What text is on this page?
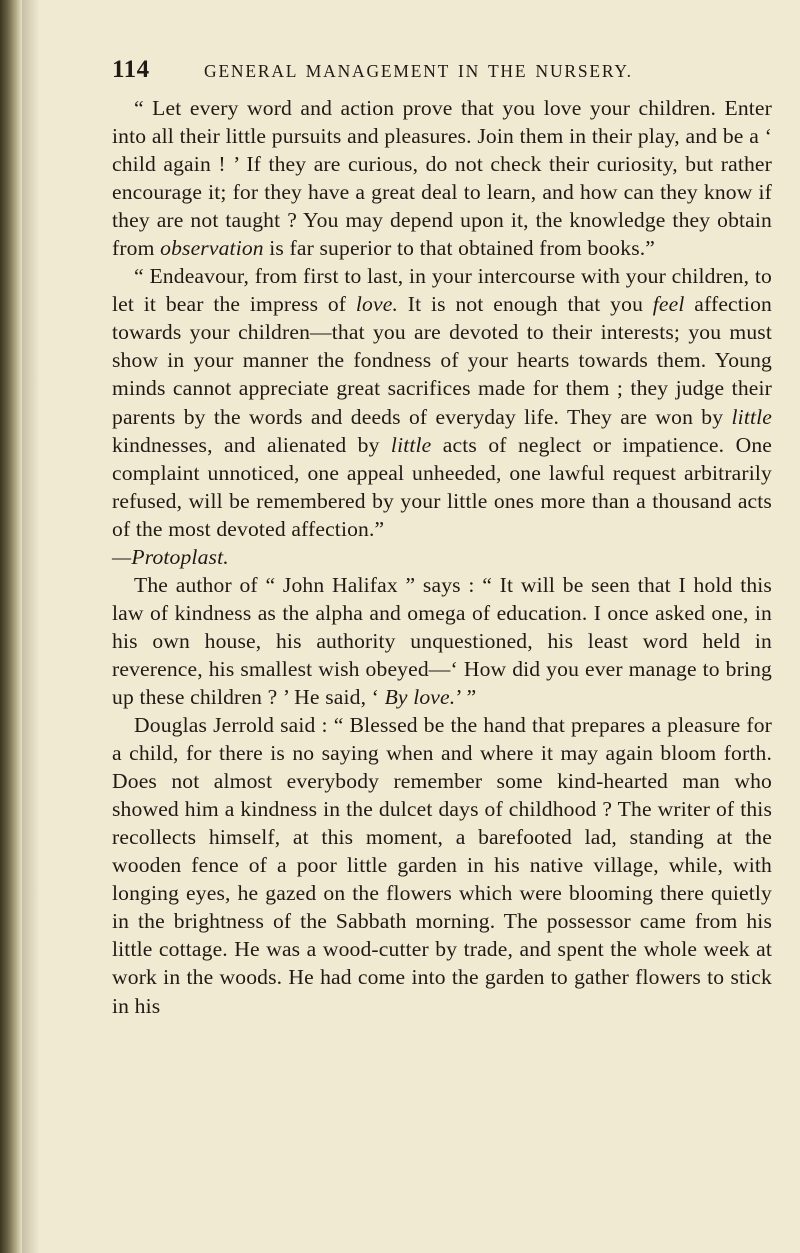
114	GENERAL MANAGEMENT IN THE NURSERY.

“ Let every word and action prove that you love your children. Enter into all their little pursuits and pleasures. Join them in their play, and be a ‘ child again ! ’ If they are curious, do not check their curiosity, but rather encourage it; for they have a great deal to learn, and how can they know if they are not taught ? You may depend upon it, the knowledge they obtain from observation is far superior to that obtained from books.”

“ Endeavour, from first to last, in your intercourse with your children, to let it bear the impress of love. It is not enough that you feel affection towards your children—that you are devoted to their interests; you must show in your manner the fondness of your hearts towards them. Young minds cannot appreciate great sacrifices made for them ; they judge their parents by the words and deeds of everyday life. They are won by little kindnesses, and alienated by little acts of neglect or impatience. One complaint unnoticed, one appeal unheeded, one lawful request arbitrarily refused, will be remembered by your little ones more than a thousand acts of the most devoted affection.”

—Protoplast.

The author of “ John Halifax ” says : “ It will be seen that I hold this law of kindness as the alpha and omega of education. I once asked one, in his own house, his authority unquestioned, his least word held in reverence, his smallest wish obeyed—‘ How did you ever manage to bring up these children ? ’ He said, ‘ By love.’ ”

Douglas Jerrold said : “ Blessed be the hand that prepares a pleasure for a child, for there is no saying when and where it may again bloom forth. Does not almost everybody remember some kind-hearted man who showed him a kindness in the dulcet days of childhood ? The writer of this recollects himself, at this moment, a barefooted lad, standing at the wooden fence of a poor little garden in his native village, while, with longing eyes, he gazed on the flowers which were blooming there quietly in the brightness of the Sabbath morning. The possessor came from his little cottage. He was a wood-cutter by trade, and spent the whole week at work in the woods. He had come into the garden to gather flowers to stick in his
